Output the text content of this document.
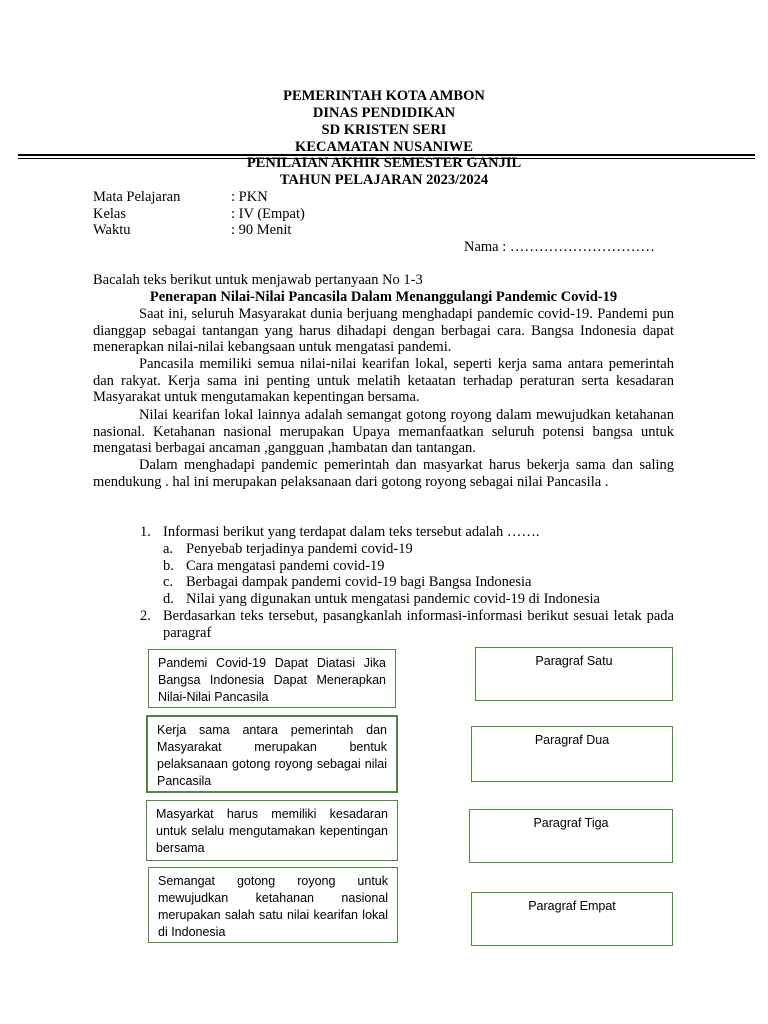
PEMERINTAH KOTA AMBON
DINAS PENDIDIKAN
SD KRISTEN SERI
KECAMATAN NUSANIWE
PENILAIAN AKHIR SEMESTER GANJIL
TAHUN PELAJARAN 2023/2024
Mata Pelajaran	: PKN
Kelas	: IV (Empat)
Waktu	: 90 Menit
Nama : …………………………
Bacalah teks berikut untuk menjawab pertanyaan No 1-3
Penerapan Nilai-Nilai Pancasila Dalam Menanggulangi Pandemic Covid-19
Saat ini, seluruh Masyarakat dunia berjuang menghadapi pandemic covid-19. Pandemi pun dianggap sebagai tantangan yang harus dihadapi dengan berbagai cara. Bangsa Indonesia dapat menerapkan nilai-nilai kebangsaan untuk mengatasi pandemi.
Pancasila memiliki semua nilai-nilai kearifan lokal, seperti kerja sama antara pemerintah dan rakyat. Kerja sama ini penting untuk melatih ketaatan terhadap peraturan serta kesadaran Masyarakat untuk mengutamakan kepentingan bersama.
Nilai kearifan lokal lainnya adalah semangat gotong royong dalam mewujudkan ketahanan nasional. Ketahanan nasional merupakan Upaya memanfaatkan seluruh potensi bangsa untuk mengatasi berbagai ancaman ,gangguan ,hambatan dan tantangan.
Dalam menghadapi pandemic pemerintah dan masyarkat harus bekerja sama dan saling mendukung . hal ini merupakan pelaksanaan dari gotong royong sebagai nilai Pancasila .
1. Informasi berikut yang terdapat dalam teks tersebut adalah …….
a. Penyebab terjadinya pandemi covid-19
b. Cara mengatasi pandemi covid-19
c. Berbagai dampak pandemi covid-19 bagi Bangsa Indonesia
d. Nilai yang digunakan untuk mengatasi pandemic covid-19 di Indonesia
2. Berdasarkan teks tersebut, pasangkanlah informasi-informasi berikut sesuai letak pada paragraf
Pandemi Covid-19 Dapat Diatasi Jika Bangsa Indonesia Dapat Menerapkan Nilai-Nilai Pancasila
Kerja sama antara pemerintah dan Masyarakat merupakan bentuk pelaksanaan gotong royong sebagai nilai Pancasila
Masyarkat harus memiliki kesadaran untuk selalu mengutamakan kepentingan bersama
Semangat gotong royong untuk mewujudkan ketahanan nasional merupakan salah satu nilai kearifan lokal di Indonesia
Paragraf Satu
Paragraf Dua
Paragraf Tiga
Paragraf Empat
